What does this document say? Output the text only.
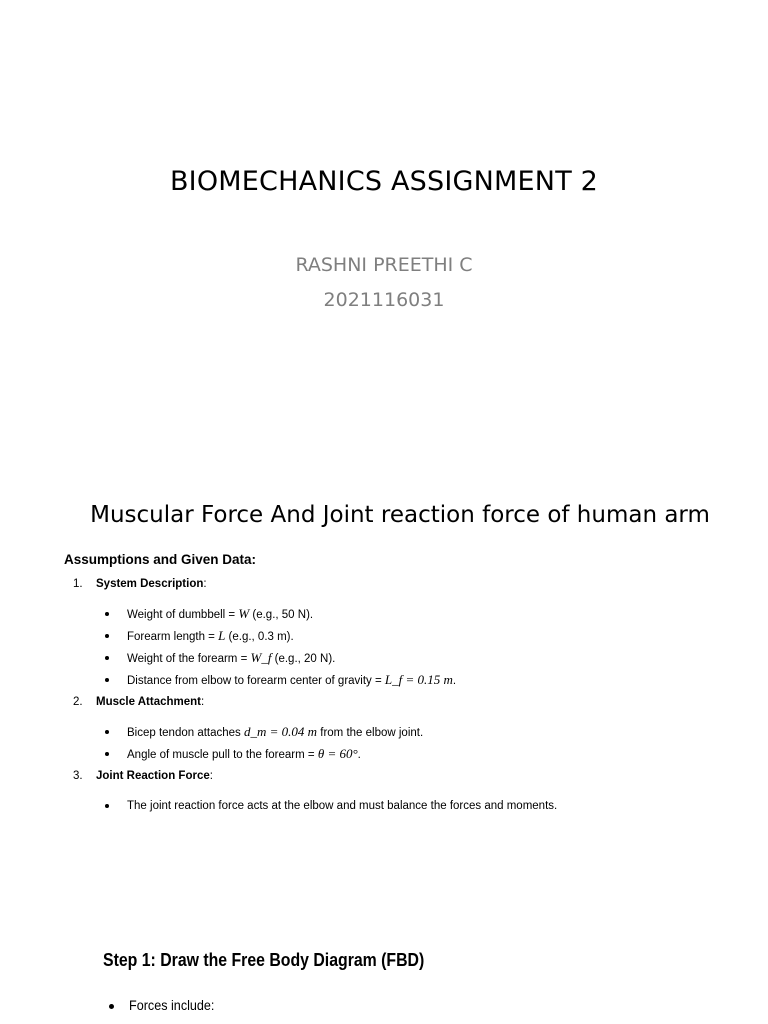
BIOMECHANICS ASSIGNMENT 2
RASHNI PREETHI C
2021116031
Muscular Force And Joint reaction force of human arm
Assumptions and Given Data:
1. System Description:
Weight of dumbbell = W (e.g., 50 N).
Forearm length = L (e.g., 0.3 m).
Weight of the forearm = W_f (e.g., 20 N).
Distance from elbow to forearm center of gravity = L_f = 0.15 m.
2. Muscle Attachment:
Bicep tendon attaches d_m = 0.04 m from the elbow joint.
Angle of muscle pull to the forearm = θ = 60°.
3. Joint Reaction Force:
The joint reaction force acts at the elbow and must balance the forces and moments.
Step 1: Draw the Free Body Diagram (FBD)
Forces include:
